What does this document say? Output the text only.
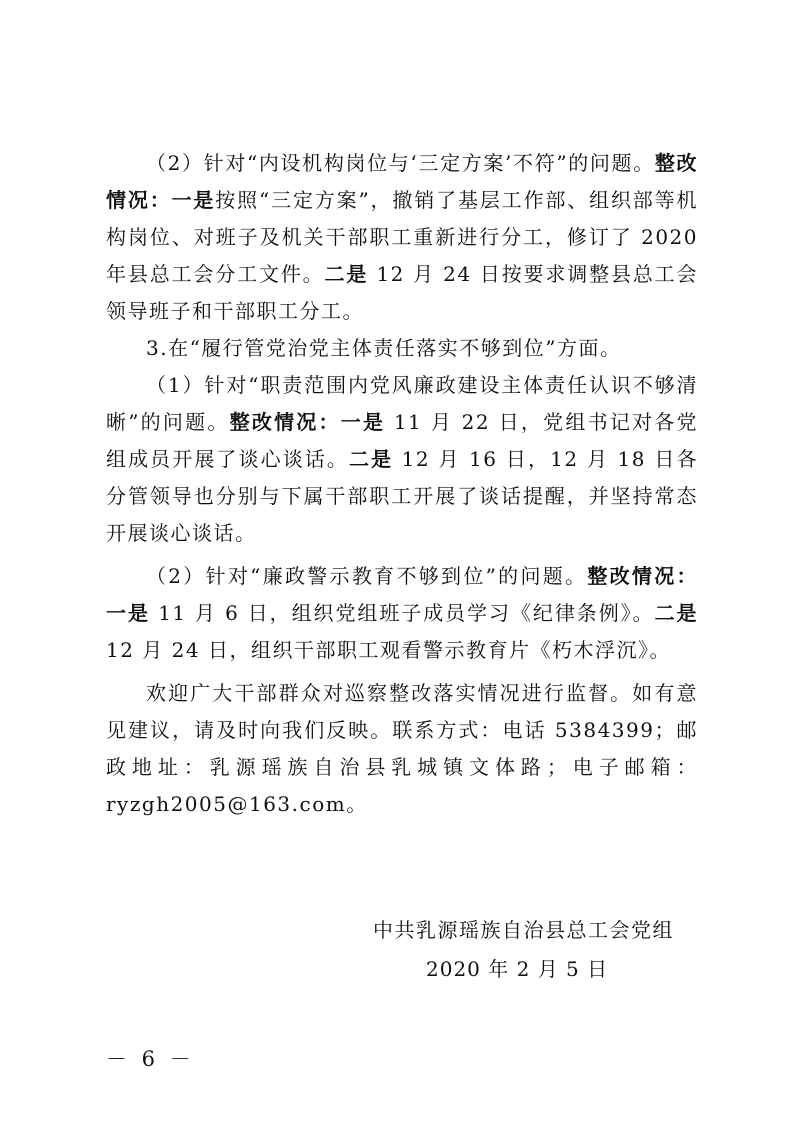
（2）针对“内设机构岗位与‘三定方案’不符”的问题。整改情况：一是按照“三定方案”，撤销了基层工作部、组织部等机构岗位、对班子及机关干部职工重新进行分工，修订了 2020 年县总工会分工文件。二是 12 月 24 日按要求调整县总工会领导班子和干部职工分工。

3.在“履行管党治党主体责任落实不够到位”方面。

（1）针对“职责范围内党风廉政建设主体责任认识不够清晰”的问题。整改情况：一是 11 月 22 日，党组书记对各党组成员开展了谈心谈话。二是 12 月 16 日，12 月 18 日各分管领导也分别与下属干部职工开展了谈话提醒，并坚持常态开展谈心谈话。

（2）针对“廉政警示教育不够到位”的问题。整改情况：一是 11 月 6 日，组织党组班子成员学习《纪律条例》。二是 12 月 24 日，组织干部职工观看警示教育片《朽木浮沉》。

欢迎广大干部群众对巡察整改落实情况进行监督。如有意见建议，请及时向我们反映。联系方式：电话 5384399；邮政地址：乳源瑶族自治县乳城镇文体路；电子邮箱：ryzgh2005@163.com。

中共乳源瑶族自治县总工会党组
2020 年 2 月 5 日
－ 6 －
